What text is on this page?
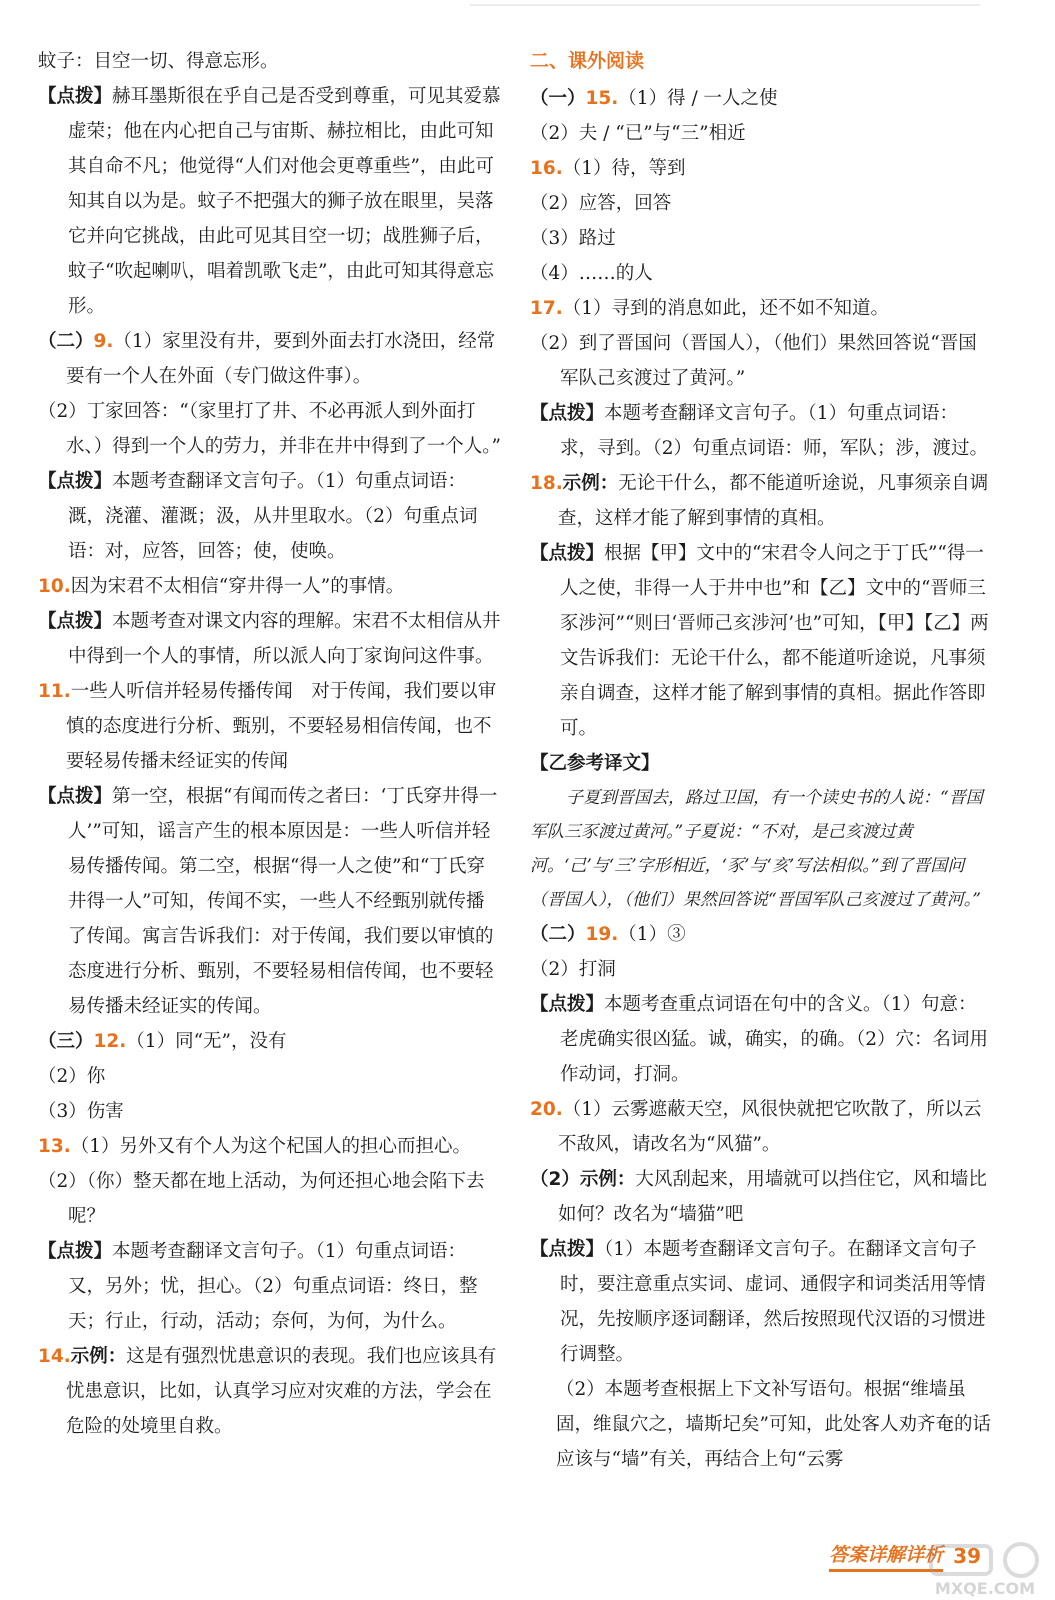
蚊子：目空一切、得意忘形。

【点拨】赫耳墨斯很在乎自己是否受到尊重，可见其爱慕虚荣；他在内心把自己与宙斯、赫拉相比，由此可知其自命不凡；他觉得“人们对他会更尊重些”，由此可知其自以为是。蚊子不把强大的狮子放在眼里，吴落它并向它挑战，由此可见其目空一切；战胜狮子后，蚊子“吹起喇叭，唱着凯歌飞走”，由此可知其得意忘形。

（二）9.（1）家里没有井，要到外面去打水浇田，经常要有一个人在外面（专门做这件事）。

（2）丁家回答：“（家里打了井、不必再派人到外面打水、）得到一个人的劳力，并非在井中得到了一个人。”

【点拨】本题考查翻译文言句子。（1）句重点词语：溉，浇灌、灌溉；汲，从井里取水。（2）句重点词语：对，应答，回答；使，使唤。

10.因为宋君不太相信“穿井得一人”的事情。

【点拨】本题考查对课文内容的理解。宋君不太相信从井中得到一个人的事情，所以派人向丁家询问这件事。

11.一些人听信并轻易传播传闻　对于传闻，我们要以审慎的态度进行分析、甄别，不要轻易相信传闻，也不要轻易传播未经证实的传闻

【点拨】第一空，根据“有闻而传之者曰：‘丁氏穿井得一人’”可知，谣言产生的根本原因是：一些人听信并轻易传播传闻。第二空，根据“得一人之使”和“丁氏穿井得一人”可知，传闻不实，一些人不经甄别就传播了传闻。寓言告诉我们：对于传闻，我们要以审慎的态度进行分析、甄别，不要轻易相信传闻，也不要轻易传播未经证实的传闻。

（三）12.（1）同“无”，没有

（2）你

（3）伤害

13.（1）另外又有个人为这个杞国人的担心而担心。

（2）（你）整天都在地上活动，为何还担心地会陷下去呢？

【点拨】本题考查翻译文言句子。（1）句重点词语：又，另外；忧，担心。（2）句重点词语：终日，整天；行止，行动，活动；奈何，为何，为什么。

14.示例：这是有强烈忧患意识的表现。我们也应该具有忧患意识，比如，认真学习应对灾难的方法，学会在危险的处境里自救。

二、课外阅读

（一）15.（1）得 / 一人之使

（2）夫 / “已”与“三”相近

16.（1）待，等到

（2）应答，回答

（3）路过

（4）……的人

17.（1）寻到的消息如此，还不如不知道。

（2）到了晋国问（晋国人），（他们）果然回答说“晋国军队己亥渡过了黄河。”

【点拨】本题考查翻译文言句子。（1）句重点词语：求，寻到。（2）句重点词语：师，军队；涉，渡过。

18.示例：无论干什么，都不能道听途说，凡事须亲自调查，这样才能了解到事情的真相。

【点拨】根据【甲】文中的“宋君令人问之于丁氏”“得一人之使，非得一人于井中也”和【乙】文中的“晋师三豕涉河”“则曰‘晋师己亥涉河’也”可知，【甲】【乙】两文告诉我们：无论干什么，都不能道听途说，凡事须亲自调查，这样才能了解到事情的真相。据此作答即可。

【乙参考译文】

子夏到晋国去，路过卫国，有一个读史书的人说：“晋国军队三豕渡过黄河。”子夏说：“不对，是己亥渡过黄河。‘己’与‘三’字形相近，‘豕’与‘亥’写法相似。”到了晋国问（晋国人），（他们）果然回答说“晋国军队己亥渡过了黄河。”

（二）19.（1）③

（2）打洞

【点拨】本题考查重点词语在句中的含义。（1）句意：老虎确实很凶猛。诚，确实，的确。（2）穴：名词用作动词，打洞。

20.（1）云雾遮蔽天空，风很快就把它吹散了，所以云不敌风，请改名为“风猫”。

（2）示例：大风刮起来，用墙就可以挡住它，风和墙比如何？改名为“墙猫”吧

【点拨】（1）本题考查翻译文言句子。在翻译文言句子时，要注意重点实词、虚词、通假字和词类活用等情况，先按顺序逐词翻译，然后按照现代汉语的习惯进行调整。

（2）本题考查根据上下文补写语句。根据“维墙虽固，维鼠穴之，墙斯圮矣”可知，此处客人劝齐奄的话应该与“墙”有关，再结合上句“云雾

答案详解详析 39
MXQE.COM
